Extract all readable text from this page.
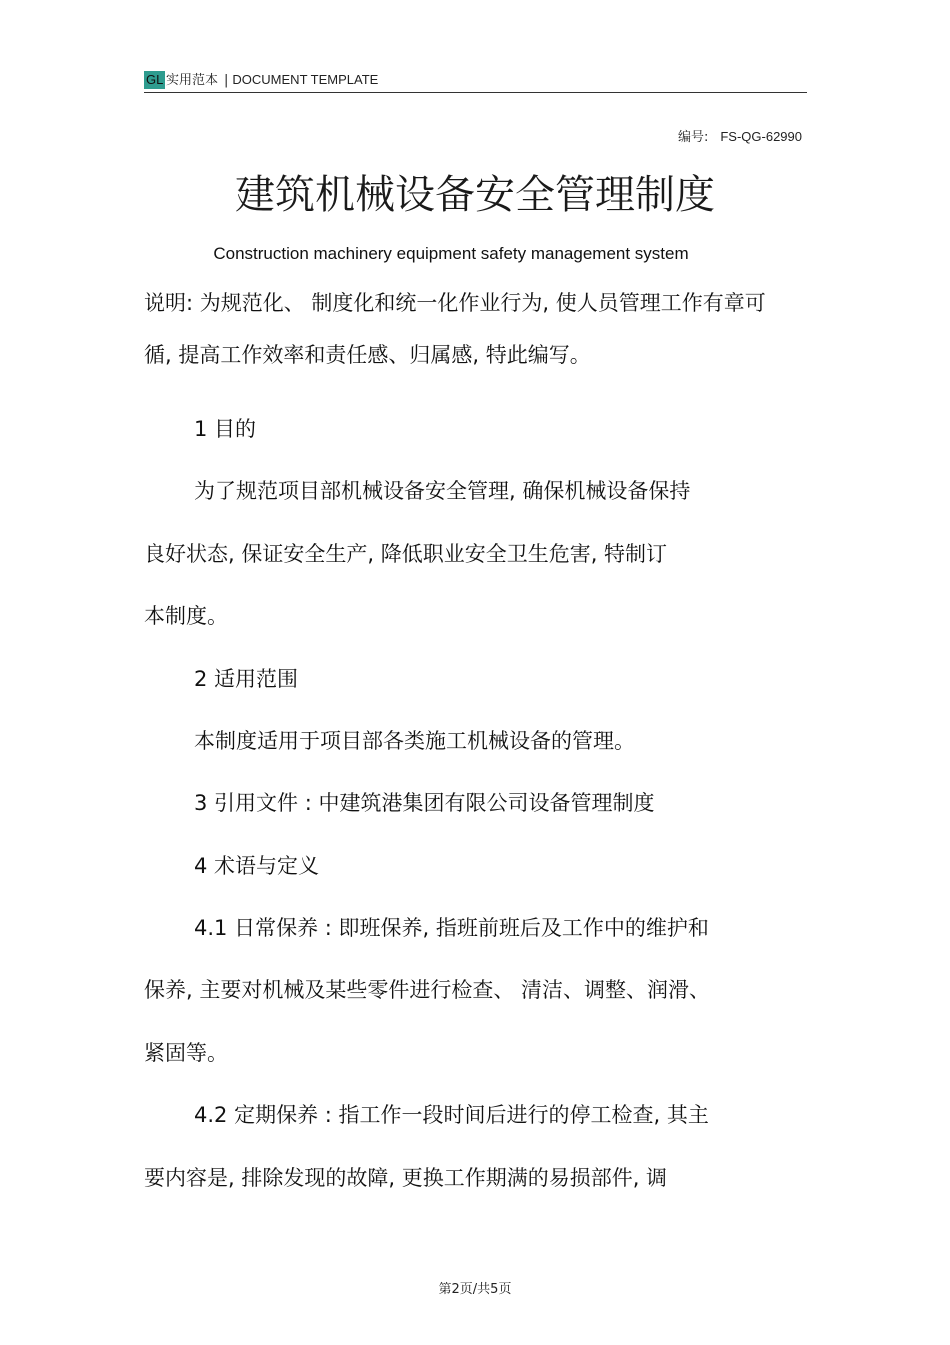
GL 实用范本 | DOCUMENT TEMPLATE
编号: FS-QG-62990
建筑机械设备安全管理制度
Construction machinery equipment safety management system
说明: 为规范化、 制度化和统一化作业行为, 使人员管理工作有章可
循, 提高工作效率和责任感、归属感, 特此编写。
1 目的
为了规范项目部机械设备安全管理, 确保机械设备保持
良好状态, 保证安全生产, 降低职业安全卫生危害, 特制订
本制度。
2 适用范围
本制度适用于项目部各类施工机械设备的管理。
3 引用文件 : 中建筑港集团有限公司设备管理制度
4 术语与定义
4.1 日常保养 : 即班保养, 指班前班后及工作中的维护和
保养, 主要对机械及某些零件进行检查、 清洁、调整、润滑、
紧固等。
4.2 定期保养 : 指工作一段时间后进行的停工检查, 其主
要内容是, 排除发现的故障, 更换工作期满的易损部件, 调
第2页/共5页
